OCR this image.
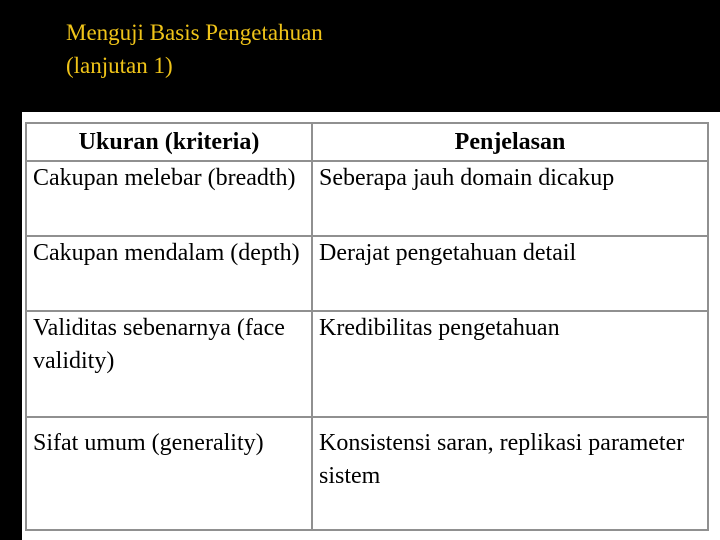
Menguji Basis Pengetahuan
(lanjutan 1)
Ukuran (kriteria)	Penjelasan

Cakupan melebar (breadth)	Seberapa jauh domain dicakup

Cakupan mendalam (depth)	Derajat pengetahuan detail

Validitas sebenarnya (face validity)	Kredibilitas pengetahuan

Sifat umum (generality)	Konsistensi saran, replikasi parameter sistem
